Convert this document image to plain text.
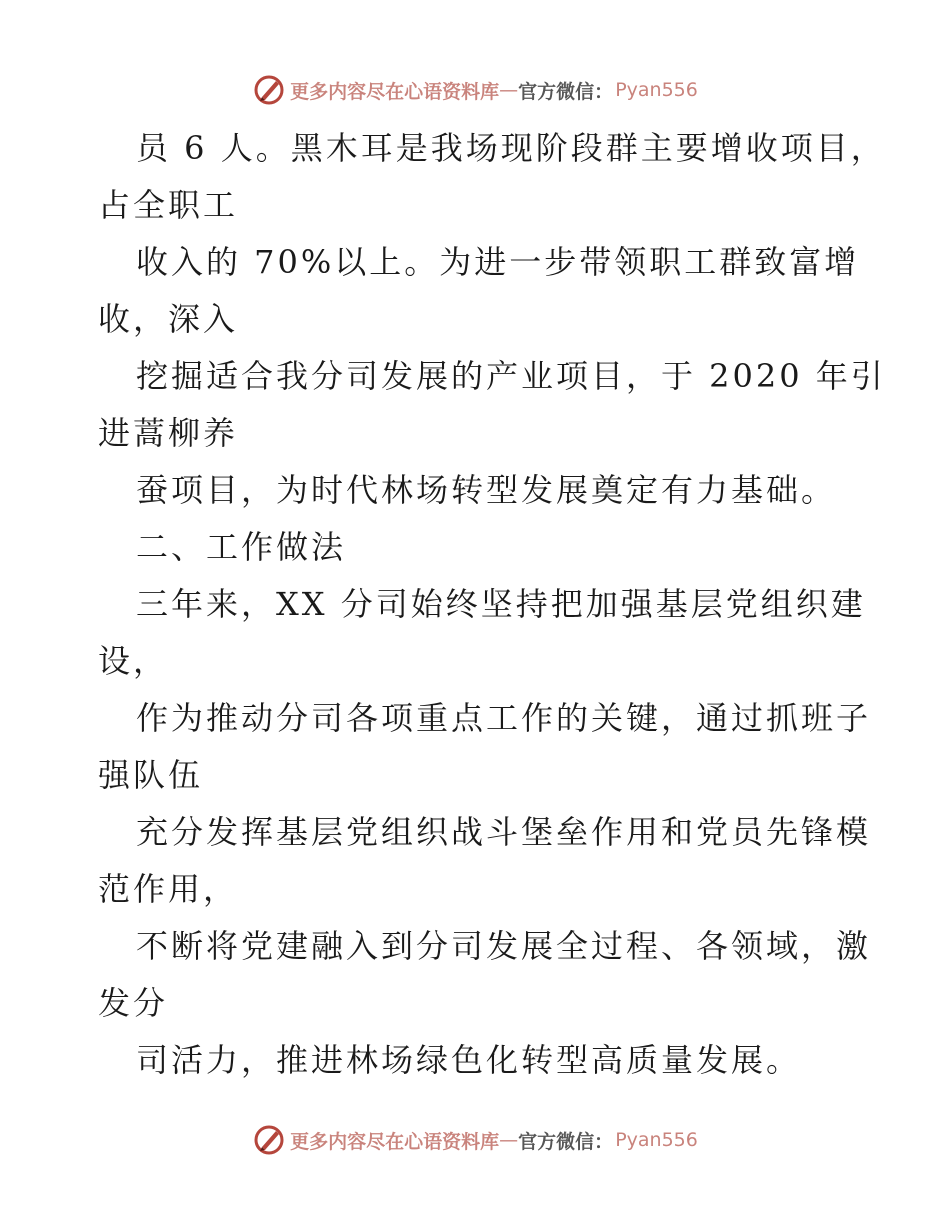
更多内容尽在心语资料库 — 官方微信： Pyan556
员 6 人。黑木耳是我场现阶段群主要增收项目，
占全职工
收入的 70%以上。为进一步带领职工群致富增
收，深入
挖掘适合我分司发展的产业项目，于 2020 年引
进蒿柳养
蚕项目，为时代林场转型发展奠定有力基础。
二、工作做法
三年来，XX 分司始终坚持把加强基层党组织建
设，
作为推动分司各项重点工作的关键，通过抓班子
强队伍
充分发挥基层党组织战斗堡垒作用和党员先锋模
范作用，
不断将党建融入到分司发展全过程、各领域，激
发分
司活力，推进林场绿色化转型高质量发展。
更多内容尽在心语资料库 — 官方微信： Pyan556
